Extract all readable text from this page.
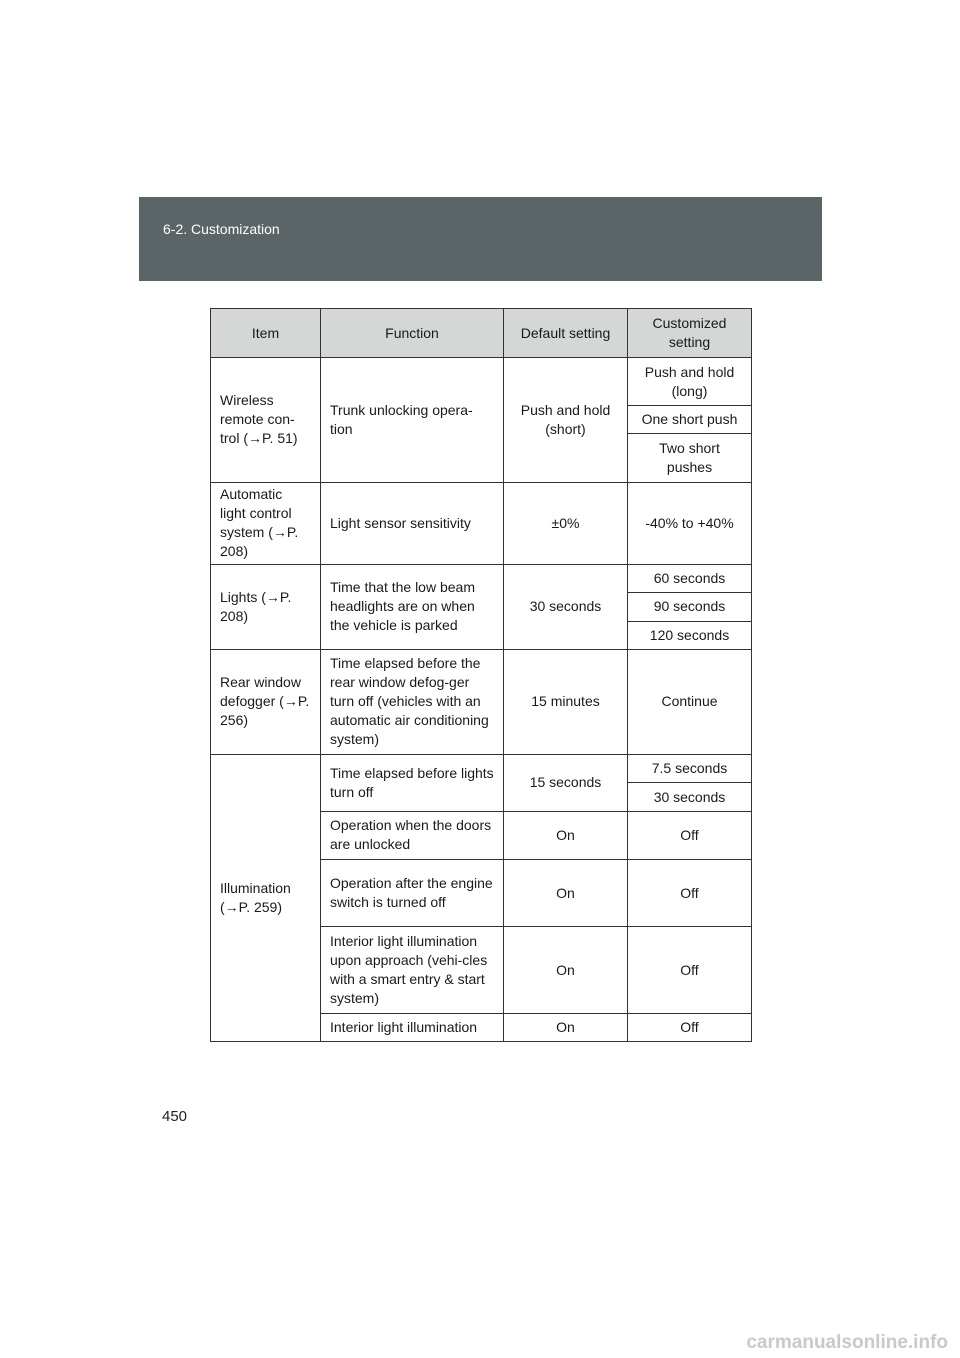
6-2. Customization
Item	Function	Default setting	Customized setting
Wireless remote con-trol (→P. 51)	Trunk unlocking opera-tion	Push and hold (short)	Push and hold (long)
			One short push
			Two short pushes
Automatic light control system (→P. 208)	Light sensor sensitivity	±0%	-40% to +40%
Lights (→P. 208)	Time that the low beam headlights are on when the vehicle is parked	30 seconds	60 seconds
			90 seconds
			120 seconds
Rear window defogger (→P. 256)	Time elapsed before the rear window defog-ger turn off (vehicles with an automatic air conditioning system)	15 minutes	Continue
Illumination (→P. 259)	Time elapsed before lights turn off	15 seconds	7.5 seconds
			30 seconds
	Operation when the doors are unlocked	On	Off
	Operation after the engine switch is turned off	On	Off
	Interior light illumination upon approach (vehi-cles with a smart entry & start system)	On	Off
	Interior light illumination	On	Off
450
carmanualsonline.info
